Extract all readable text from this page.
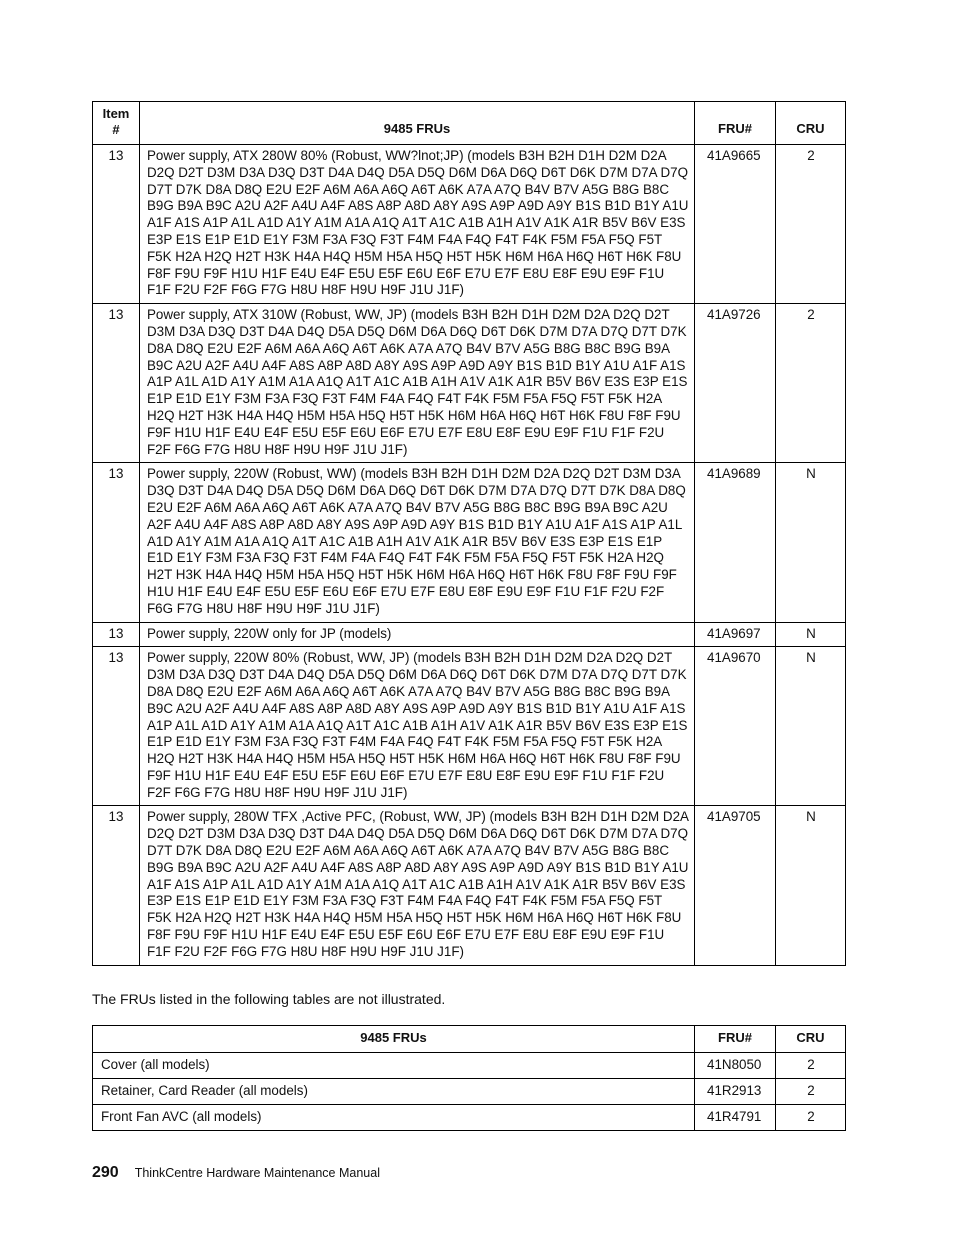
Item
#	9485 FRUs	FRU#	CRU
13	Power supply, ATX 280W 80% (Robust, WW?lnot;JP) (models B3H B2H D1H D2M D2A D2Q D2T D3M D3A D3Q D3T D4A D4Q D5A D5Q D6M D6A D6Q D6T D6K D7M D7A D7Q D7T D7K D8A D8Q E2U E2F A6M A6A A6Q A6T A6K A7A A7Q B4V B7V A5G B8G B8C B9G B9A B9C A2U A2F A4U A4F A8S A8P A8D A8Y A9S A9P A9D A9Y B1S B1D B1Y A1U A1F A1S A1P A1L A1D A1Y A1M A1A A1Q A1T A1C A1B A1H A1V A1K A1R B5V B6V E3S E3P E1S E1P E1D E1Y F3M F3A F3Q F3T F4M F4A F4Q F4T F4K F5M F5A F5Q F5T F5K H2A H2Q H2T H3K H4A H4Q H5M H5A H5Q H5T H5K H6M H6A H6Q H6T H6K F8U F8F F9U F9F H1U H1F E4U E4F E5U E5F E6U E6F E7U E7F E8U E8F E9U E9F F1U F1F F2U F2F F6G F7G H8U H8F H9U H9F J1U J1F)	41A9665	2
13	Power supply, ATX 310W (Robust, WW, JP) (models B3H B2H D1H D2M D2A D2Q D2T D3M D3A D3Q D3T D4A D4Q D5A D5Q D6M D6A D6Q D6T D6K D7M D7A D7Q D7T D7K D8A D8Q E2U E2F A6M A6A A6Q A6T A6K A7A A7Q B4V B7V A5G B8G B8C B9G B9A B9C A2U A2F A4U A4F A8S A8P A8D A8Y A9S A9P A9D A9Y B1S B1D B1Y A1U A1F A1S A1P A1L A1D A1Y A1M A1A A1Q A1T A1C A1B A1H A1V A1K A1R B5V B6V E3S E3P E1S E1P E1D E1Y F3M F3A F3Q F3T F4M F4A F4Q F4T F4K F5M F5A F5Q F5T F5K H2A H2Q H2T H3K H4A H4Q H5M H5A H5Q H5T H5K H6M H6A H6Q H6T H6K F8U F8F F9U F9F H1U H1F E4U E4F E5U E5F E6U E6F E7U E7F E8U E8F E9U E9F F1U F1F F2U F2F F6G F7G H8U H8F H9U H9F J1U J1F)	41A9726	2
13	Power supply, 220W (Robust, WW) (models B3H B2H D1H D2M D2A D2Q D2T D3M D3A D3Q D3T D4A D4Q D5A D5Q D6M D6A D6Q D6T D6K D7M D7A D7Q D7T D7K D8A D8Q E2U E2F A6M A6A A6Q A6T A6K A7A A7Q B4V B7V A5G B8G B8C B9G B9A B9C A2U A2F A4U A4F A8S A8P A8D A8Y A9S A9P A9D A9Y B1S B1D B1Y A1U A1F A1S A1P A1L A1D A1Y A1M A1A A1Q A1T A1C A1B A1H A1V A1K A1R B5V B6V E3S E3P E1S E1P E1D E1Y F3M F3A F3Q F3T F4M F4A F4Q F4T F4K F5M F5A F5Q F5T F5K H2A H2Q H2T H3K H4A H4Q H5M H5A H5Q H5T H5K H6M H6A H6Q H6T H6K F8U F8F F9U F9F H1U H1F E4U E4F E5U E5F E6U E6F E7U E7F E8U E8F E9U E9F F1U F1F F2U F2F F6G F7G H8U H8F H9U H9F J1U J1F)	41A9689	N
13	Power supply, 220W only for JP (models)	41A9697	N
13	Power supply, 220W 80% (Robust, WW, JP) (models B3H B2H D1H D2M D2A D2Q D2T D3M D3A D3Q D3T D4A D4Q D5A D5Q D6M D6A D6Q D6T D6K D7M D7A D7Q D7T D7K D8A D8Q E2U E2F A6M A6A A6Q A6T A6K A7A A7Q B4V B7V A5G B8G B8C B9G B9A B9C A2U A2F A4U A4F A8S A8P A8D A8Y A9S A9P A9D A9Y B1S B1D B1Y A1U A1F A1S A1P A1L A1D A1Y A1M A1A A1Q A1T A1C A1B A1H A1V A1K A1R B5V B6V E3S E3P E1S E1P E1D E1Y F3M F3A F3Q F3T F4M F4A F4Q F4T F4K F5M F5A F5Q F5T F5K H2A H2Q H2T H3K H4A H4Q H5M H5A H5Q H5T H5K H6M H6A H6Q H6T H6K F8U F8F F9U F9F H1U H1F E4U E4F E5U E5F E6U E6F E7U E7F E8U E8F E9U E9F F1U F1F F2U F2F F6G F7G H8U H8F H9U H9F J1U J1F)	41A9670	N
13	Power supply, 280W TFX ,Active PFC, (Robust, WW, JP) (models B3H B2H D1H D2M D2A D2Q D2T D3M D3A D3Q D3T D4A D4Q D5A D5Q D6M D6A D6Q D6T D6K D7M D7A D7Q D7T D7K D8A D8Q E2U E2F A6M A6A A6Q A6T A6K A7A A7Q B4V B7V A5G B8G B8C B9G B9A B9C A2U A2F A4U A4F A8S A8P A8D A8Y A9S A9P A9D A9Y B1S B1D B1Y A1U A1F A1S A1P A1L A1D A1Y A1M A1A A1Q A1T A1C A1B A1H A1V A1K A1R B5V B6V E3S E3P E1S E1P E1D E1Y F3M F3A F3Q F3T F4M F4A F4Q F4T F4K F5M F5A F5Q F5T F5K H2A H2Q H2T H3K H4A H4Q H5M H5A H5Q H5T H5K H6M H6A H6Q H6T H6K F8U F8F F9U F9F H1U H1F E4U E4F E5U E5F E6U E6F E7U E7F E8U E8F E9U E9F F1U F1F F2U F2F F6G F7G H8U H8F H9U H9F J1U J1F)	41A9705	N

The FRUs listed in the following tables are not illustrated.

9485 FRUs	FRU#	CRU
Cover (all models)	41N8050	2
Retainer, Card Reader (all models)	41R2913	2
Front Fan AVC (all models)	41R4791	2
290 ThinkCentre Hardware Maintenance Manual
